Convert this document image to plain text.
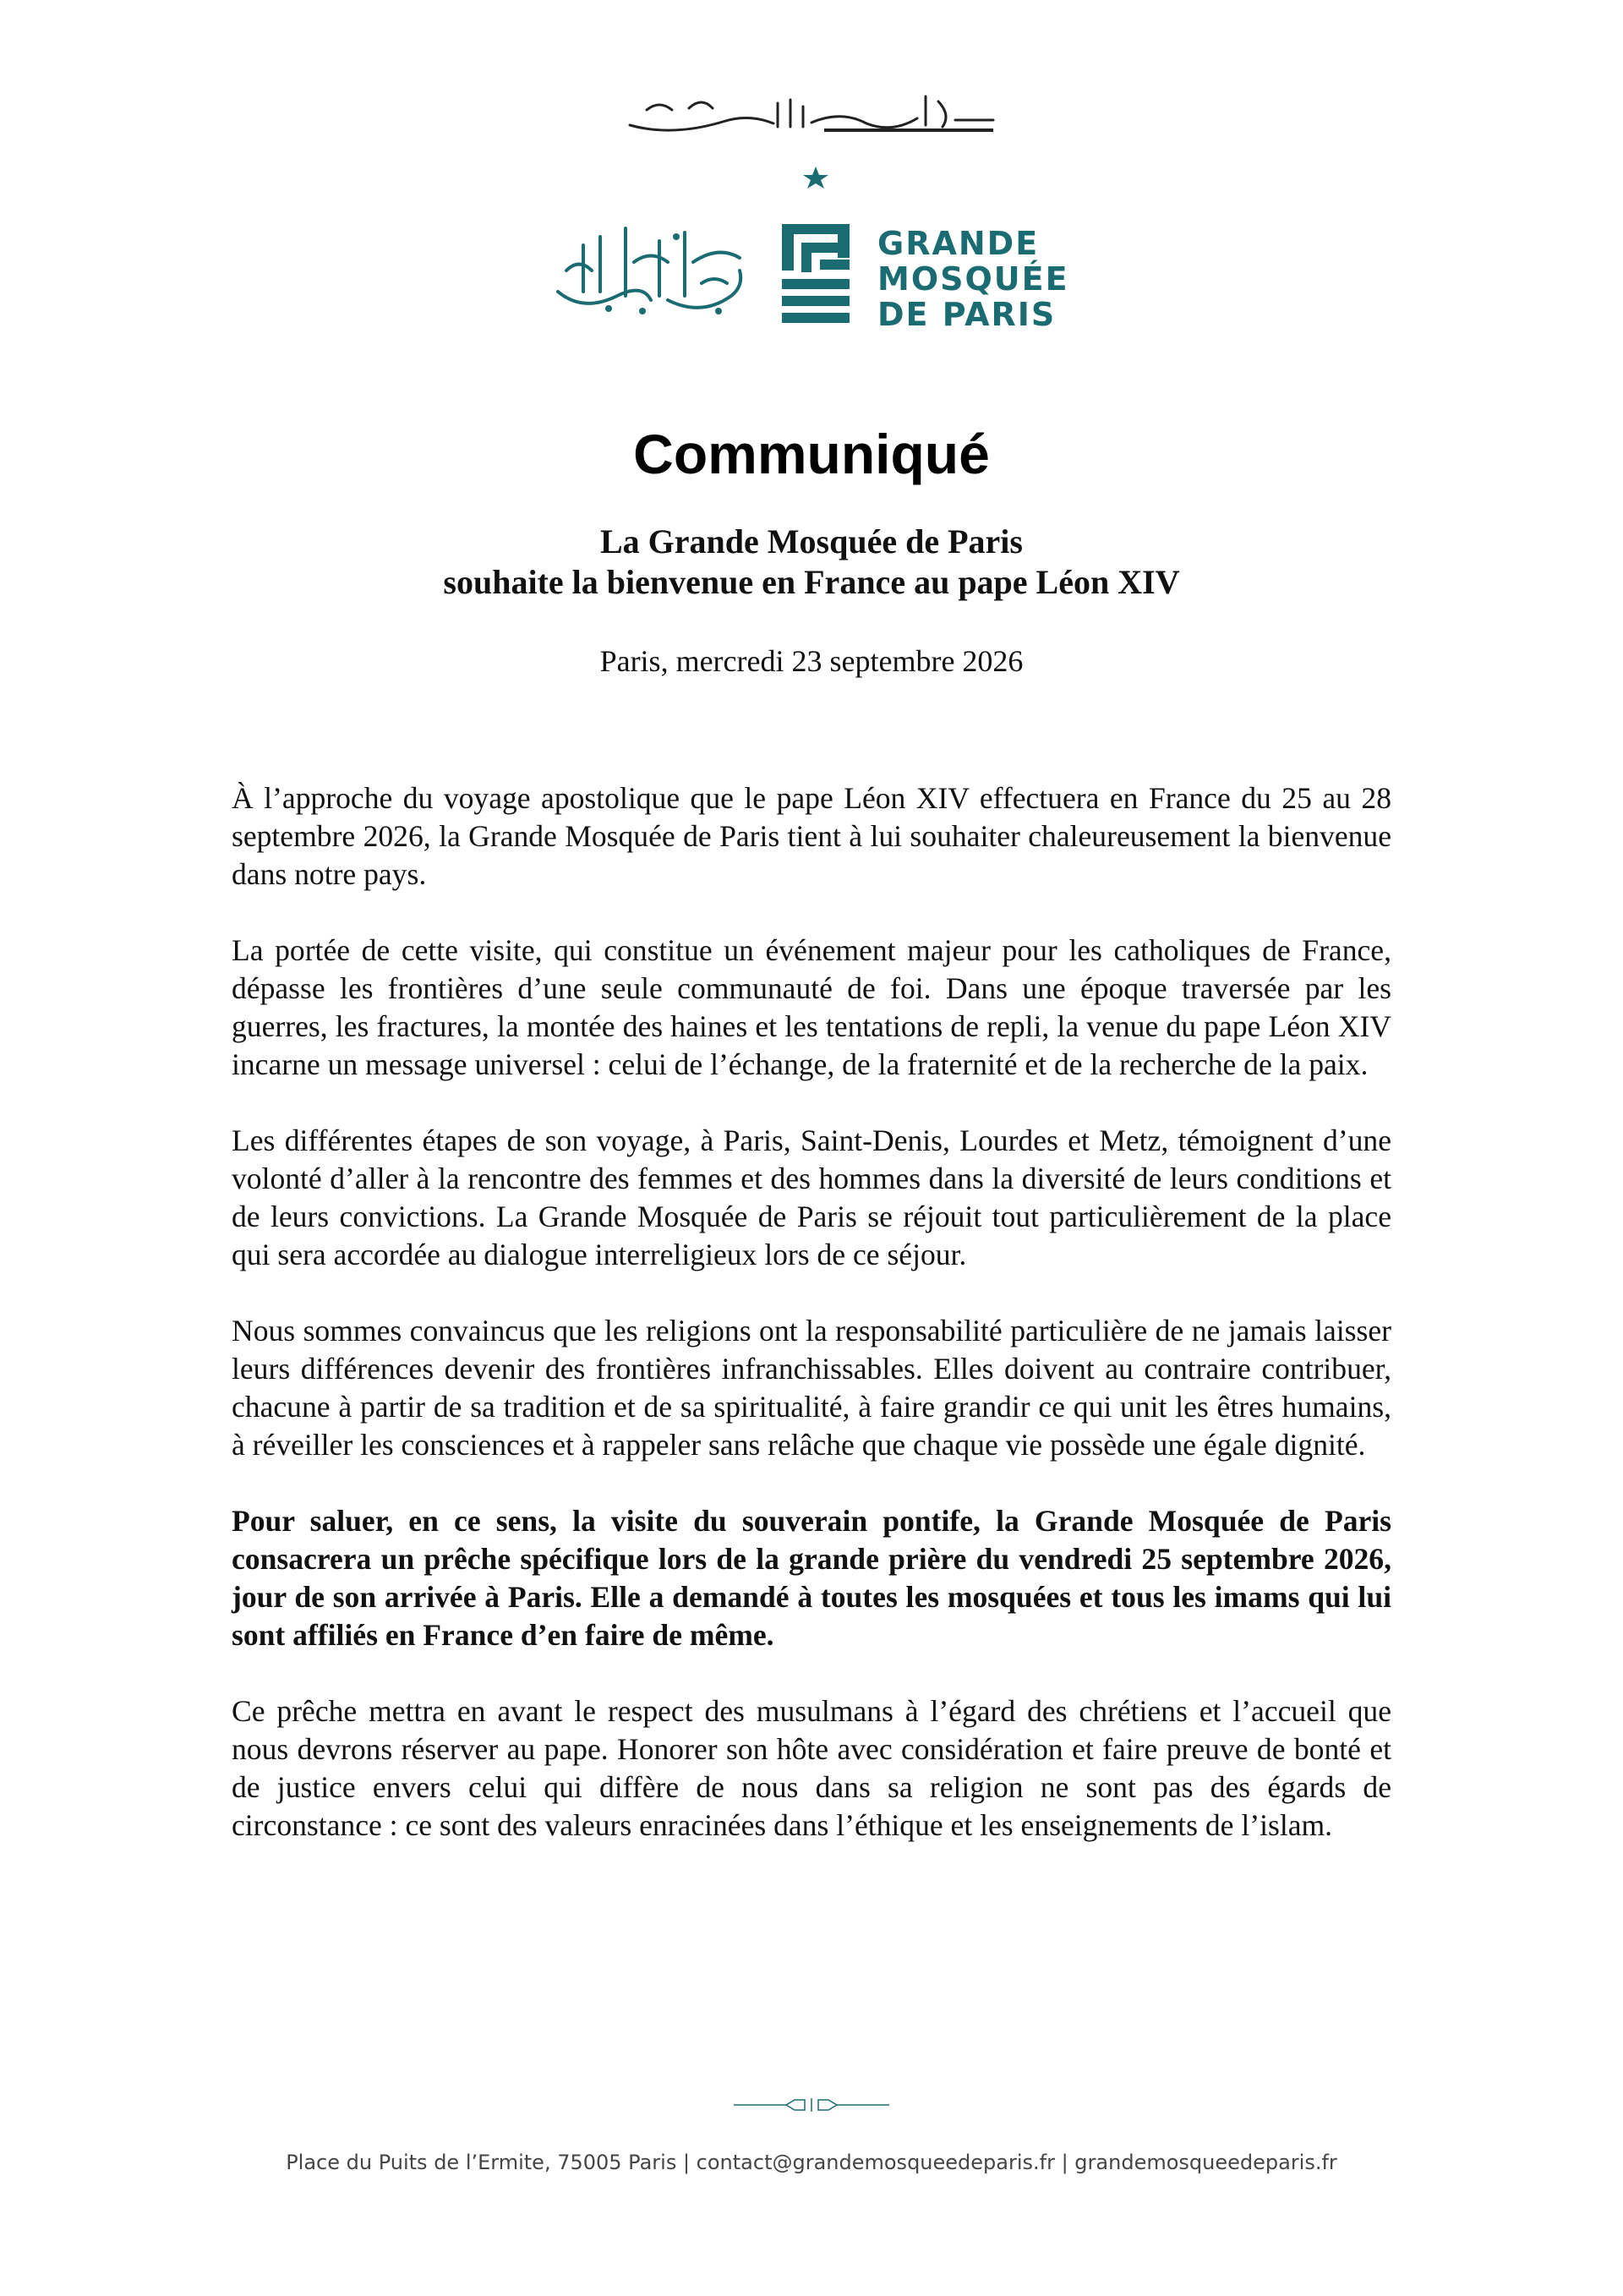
GRANDE
MOSQUÉE
DE PARIS
Communiqué
La Grande Mosquée de Paris
souhaite la bienvenue en France au pape Léon XIV
Paris, mercredi 23 septembre 2026

À l’approche du voyage apostolique que le pape Léon XIV effectuera en France du 25 au 28 septembre 2026, la Grande Mosquée de Paris tient à lui souhaiter chaleureusement la bienvenue dans notre pays.

La portée de cette visite, qui constitue un événement majeur pour les catholiques de France, dépasse les frontières d’une seule communauté de foi. Dans une époque traversée par les guerres, les fractures, la montée des haines et les tentations de repli, la venue du pape Léon XIV incarne un message universel : celui de l’échange, de la fraternité et de la recherche de la paix.

Les différentes étapes de son voyage, à Paris, Saint-Denis, Lourdes et Metz, témoignent d’une volonté d’aller à la rencontre des femmes et des hommes dans la diversité de leurs conditions et de leurs convictions. La Grande Mosquée de Paris se réjouit tout particulièrement de la place qui sera accordée au dialogue interreligieux lors de ce séjour.

Nous sommes convaincus que les religions ont la responsabilité particulière de ne jamais laisser leurs différences devenir des frontières infranchissables. Elles doivent au contraire contribuer, chacune à partir de sa tradition et de sa spiritualité, à faire grandir ce qui unit les êtres humains, à réveiller les consciences et à rappeler sans relâche que chaque vie possède une égale dignité.

Pour saluer, en ce sens, la visite du souverain pontife, la Grande Mosquée de Paris consacrera un prêche spécifique lors de la grande prière du vendredi 25 septembre 2026, jour de son arrivée à Paris. Elle a demandé à toutes les mosquées et tous les imams qui lui sont affiliés en France d’en faire de même.

Ce prêche mettra en avant le respect des musulmans à l’égard des chrétiens et l’accueil que nous devrons réserver au pape. Honorer son hôte avec considération et faire preuve de bonté et de justice envers celui qui diffère de nous dans sa religion ne sont pas des égards de circonstance : ce sont des valeurs enracinées dans l’éthique et les enseignements de l’islam.

Place du Puits de l’Ermite, 75005 Paris | contact@grandemosqueedeparis.fr | grandemosqueedeparis.fr
